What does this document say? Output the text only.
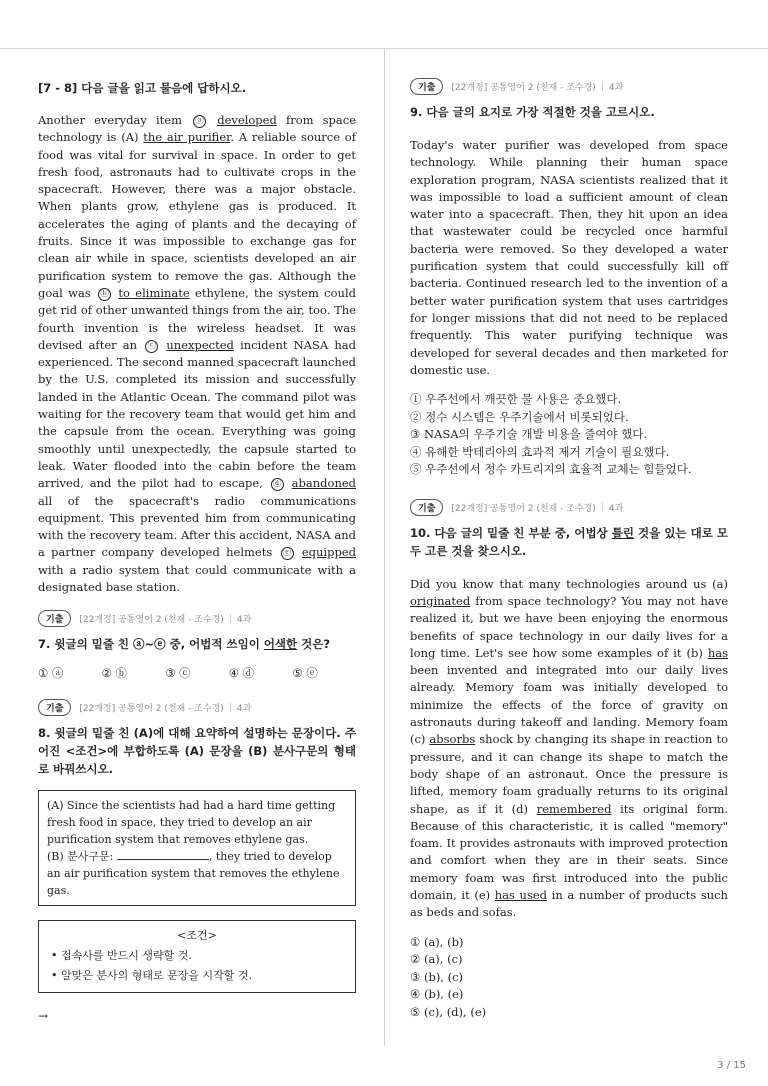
[7 - 8] 다음 글을 읽고 물음에 답하시오.

Another everyday item ⓐ developed from space technology is (A) the air purifier. A reliable source of food was vital for survival in space. In order to get fresh food, astronauts had to cultivate crops in the spacecraft. However, there was a major obstacle. When plants grow, ethylene gas is produced. It accelerates the aging of plants and the decaying of fruits. Since it was impossible to exchange gas for clean air while in space, scientists developed an air purification system to remove the gas. Although the goal was ⓑ to eliminate ethylene, the system could get rid of other unwanted things from the air, too. The fourth invention is the wireless headset. It was devised after an ⓒ unexpected incident NASA had experienced. The second manned spacecraft launched by the U.S. completed its mission and successfully landed in the Atlantic Ocean. The command pilot was waiting for the recovery team that would get him and the capsule from the ocean. Everything was going smoothly until unexpectedly, the capsule started to leak. Water flooded into the cabin before the team arrived, and the pilot had to escape, ⓓ abandoned all of the spacecraft's radio communications equipment. This prevented him from communicating with the recovery team. After this accident, NASA and a partner company developed helmets ⓔ equipped with a radio system that could communicate with a designated base station.

기출	[22개정] 공통영어 2 (천재 - 조수경) | 4과
7. 윗글의 밑줄 친 ⓐ~ⓔ 중, 어법적 쓰임이 어색한 것은?
① ⓐ	② ⓑ	③ ⓒ	④ ⓓ	⑤ ⓔ
기출	[22개정] 공통영어 2 (천재 - 조수경) | 4과
8. 윗글의 밑줄 친 (A)에 대해 요약하여 설명하는 문장이다. 주어진 <조건>에 부합하도록 (A) 문장을 (B) 분사구문의 형태로 바꿔쓰시오.
(A) Since the scientists had had a hard time getting fresh food in space, they tried to develop an air purification system that removes ethylene gas.
(B) 분사구문:	, they tried to develop an air purification system that removes the ethylene gas.
<조건>
• 접속사를 반드시 생략할 것.
• 알맞은 분사의 형태로 문장을 시작할 것.
→
기출	[22개정] 공통영어 2 (천재 - 조수경) | 4과
9. 다음 글의 요지로 가장 적절한 것을 고르시오.

Today's water purifier was developed from space technology. While planning their human space exploration program, NASA scientists realized that it was impossible to load a sufficient amount of clean water into a spacecraft. Then, they hit upon an idea that wastewater could be recycled once harmful bacteria were removed. So they developed a water purification system that could successfully kill off bacteria. Continued research led to the invention of a better water purification system that uses cartridges for longer missions that did not need to be replaced frequently. This water purifying technique was developed for several decades and then marketed for domestic use.

① 우주선에서 깨끗한 물 사용은 중요했다.
② 정수 시스템은 우주기술에서 비롯되었다.
③ NASA의 우주기술 개발 비용을 줄여야 했다.
④ 유해한 박테리아의 효과적 제거 기술이 필요했다.
⑤ 우주선에서 정수 카트리지의 효율적 교체는 힘들었다.
기출	[22개정] 공통영어 2 (천재 - 조수경) | 4과
10. 다음 글의 밑줄 친 부분 중, 어법상 틀린 것을 있는 대로 모두 고른 것을 찾으시오.

Did you know that many technologies around us (a) originated from space technology? You may not have realized it, but we have been enjoying the enormous benefits of space technology in our daily lives for a long time. Let's see how some examples of it (b) has been invented and integrated into our daily lives already. Memory foam was initially developed to minimize the effects of the force of gravity on astronauts during takeoff and landing. Memory foam (c) absorbs shock by changing its shape in reaction to pressure, and it can change its shape to match the body shape of an astronaut. Once the pressure is lifted, memory foam gradually returns to its original shape, as if it (d) remembered its original form. Because of this characteristic, it is called "memory" foam. It provides astronauts with improved protection and comfort when they are in their seats. Since memory foam was first introduced into the public domain, it (e) has used in a number of products such as beds and sofas.

① (a), (b)
② (a), (c)
③ (b), (c)
④ (b), (e)
⑤ (c), (d), (e)
3 / 15
